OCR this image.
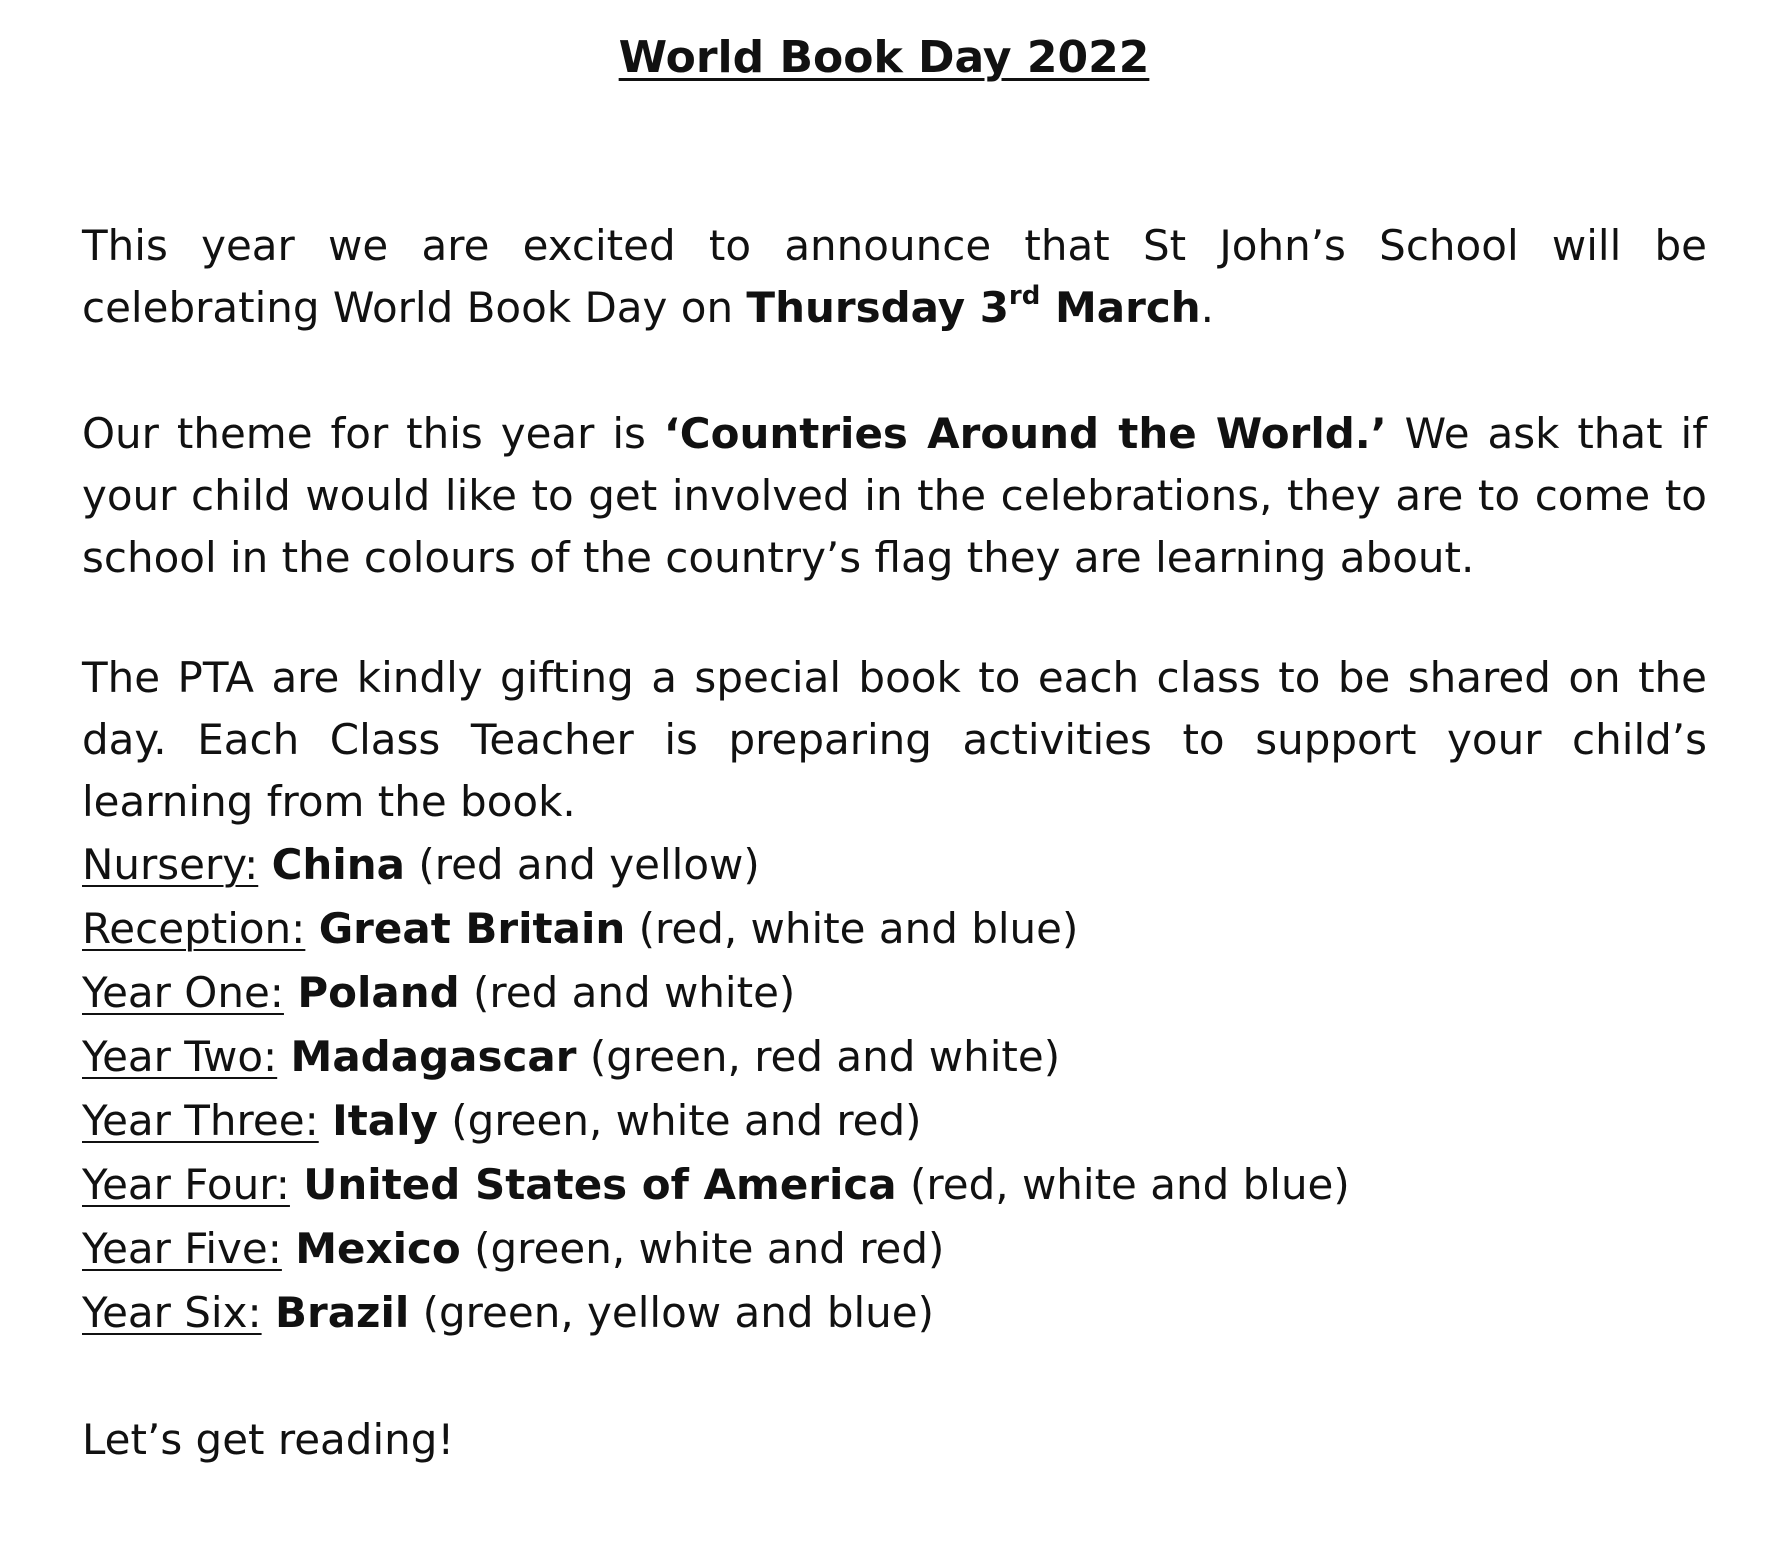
World Book Day 2022

This year we are excited to announce that St John’s School will be celebrating World Book Day on Thursday 3rd March.

Our theme for this year is ‘Countries Around the World.’ We ask that if your child would like to get involved in the celebrations, they are to come to school in the colours of the country’s flag they are learning about.

The PTA are kindly gifting a special book to each class to be shared on the day. Each Class Teacher is preparing activities to support your child’s learning from the book.

Nursery: China (red and yellow)
Reception: Great Britain (red, white and blue)
Year One: Poland (red and white)
Year Two: Madagascar (green, red and white)
Year Three: Italy (green, white and red)
Year Four: United States of America (red, white and blue)
Year Five: Mexico (green, white and red)
Year Six: Brazil (green, yellow and blue)

Let’s get reading!
